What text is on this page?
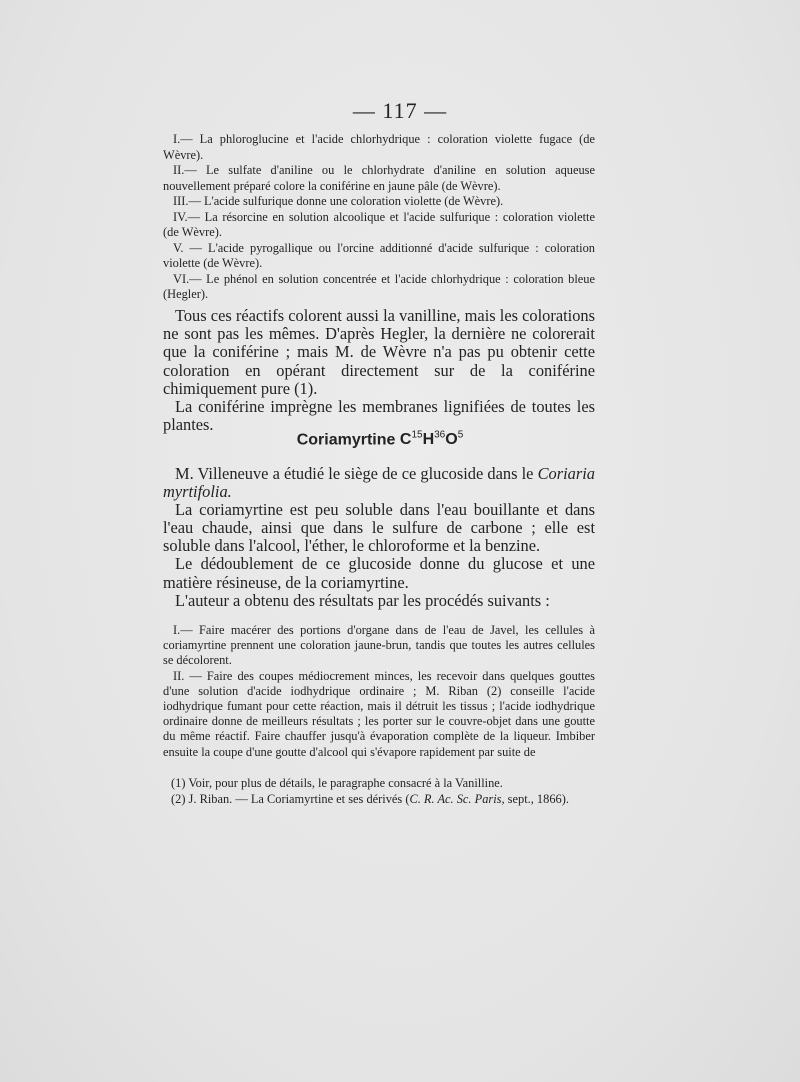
— 117 —

I.— La phloroglucine et l'acide chlorhydrique : coloration violette fugace (de Wèvre).

II.— Le sulfate d'aniline ou le chlorhydrate d'aniline en solution aqueuse nouvellement préparé colore la coniférine en jaune pâle (de Wèvre).

III.— L'acide sulfurique donne une coloration violette (de Wèvre).

IV.— La résorcine en solution alcoolique et l'acide sulfurique : coloration violette (de Wèvre).

V. — L'acide pyrogallique ou l'orcine additionné d'acide sulfurique : coloration violette (de Wèvre).

VI.— Le phénol en solution concentrée et l'acide chlorhydrique : coloration bleue (Hegler).

Tous ces réactifs colorent aussi la vanilline, mais les colorations ne sont pas les mêmes. D'après Hegler, la dernière ne colorerait que la coniférine ; mais M. de Wèvre n'a pas pu obtenir cette coloration en opérant directement sur de la coniférine chimiquement pure (1).

La coniférine imprègne les membranes lignifiées de toutes les plantes.

Coriamyrtine $C^{15}H^{36}O^5$

M. Villeneuve a étudié le siège de ce glucoside dans le Coriaria myrtifolia.

La coriamyrtine est peu soluble dans l'eau bouillante et dans l'eau chaude, ainsi que dans le sulfure de carbone ; elle est soluble dans l'alcool, l'éther, le chloroforme et la benzine.

Le dédoublement de ce glucoside donne du glucose et une matière résineuse, de la coriamyrtine.

L'auteur a obtenu des résultats par les procédés suivants :

I.— Faire macérer des portions d'organe dans de l'eau de Javel, les cellules à coriamyrtine prennent une coloration jaune-brun, tandis que toutes les autres cellules se décolorent.

II. — Faire des coupes médiocrement minces, les recevoir dans quelques gouttes d'une solution d'acide iodhydrique ordinaire ; M. Riban (2) conseille l'acide iodhydrique fumant pour cette réaction, mais il détruit les tissus ; l'acide iodhydrique ordinaire donne de meilleurs résultats ; les porter sur le couvre-objet dans une goutte du même réactif. Faire chauffer jusqu'à évaporation complète de la liqueur. Imbiber ensuite la coupe d'une goutte d'alcool qui s'évapore rapidement par suite de

(1) Voir, pour plus de détails, le paragraphe consacré à la Vanilline.

(2) J. Riban. — La Coriamyrtine et ses dérivés (C. R. Ac. Sc. Paris, sept., 1866).
